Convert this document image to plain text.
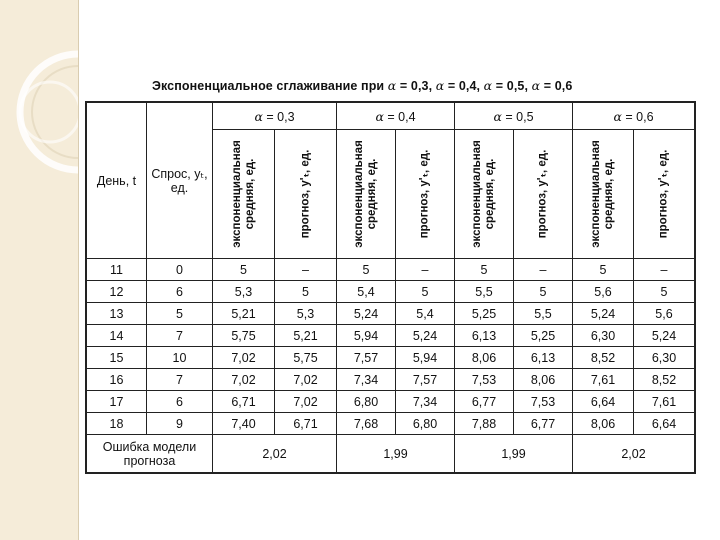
Экспоненциальное сглаживание при α = 0,3, α = 0,4, α = 0,5, α = 0,6
День, t	Спрос, yₜ, ед.	α = 0,3		α = 0,4		α = 0,5		α = 0,6	

		экспоненциальная средняя, ед.	прогноз, y'ₜ, ед.	экспоненциальная средняя, ед.	прогноз, y'ₜ, ед.	экспоненциальная средняя, ед.	прогноз, y'ₜ, ед.	экспоненциальная средняя, ед.	прогноз, y'ₜ, ед.

11	0	5	–	5	–	5	–	5	–
12	6	5,3	5	5,4	5	5,5	5	5,6	5
13	5	5,21	5,3	5,24	5,4	5,25	5,5	5,24	5,6
14	7	5,75	5,21	5,94	5,24	6,13	5,25	6,30	5,24
15	10	7,02	5,75	7,57	5,94	8,06	6,13	8,52	6,30
16	7	7,02	7,02	7,34	7,57	7,53	8,06	7,61	8,52
17	6	6,71	7,02	6,80	7,34	6,77	7,53	6,64	7,61
18	9	7,40	6,71	7,68	6,80	7,88	6,77	8,06	6,64
Ошибка модели прогноза		2,02		1,99		1,99		2,02	
